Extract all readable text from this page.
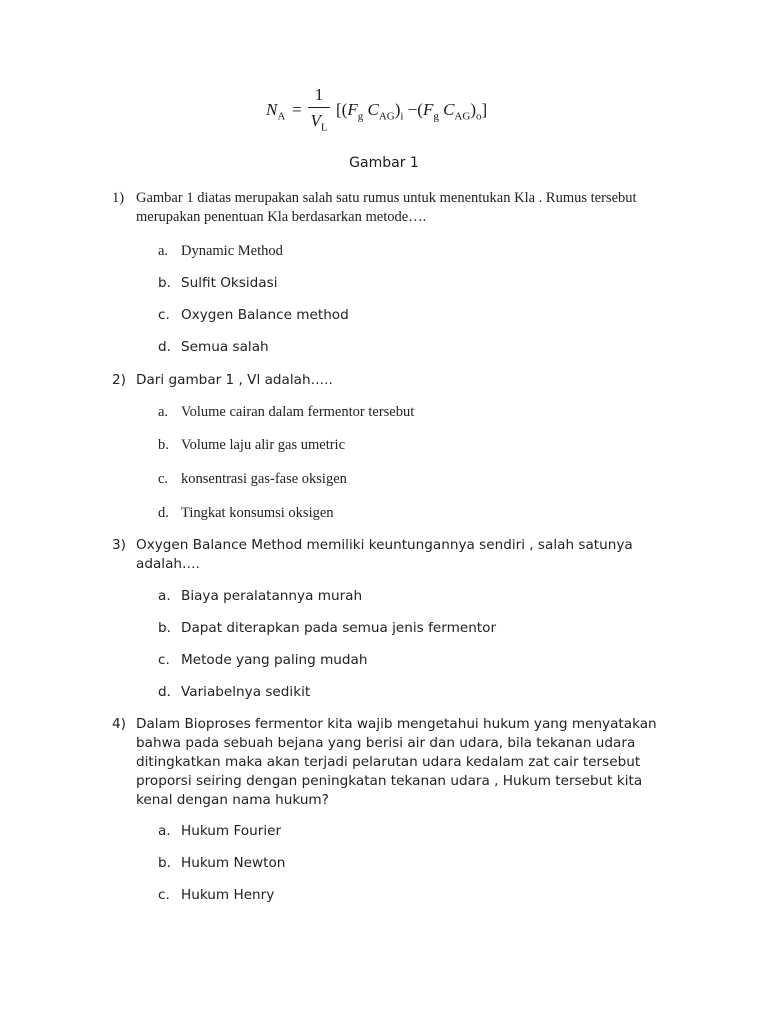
$N_A$ =
1
$V_L$
[($F_g$ $C_{AG})_i -(F_g$ $C_{AG})_o$]
Gambar 1
1) Gambar 1 diatas merupakan salah satu rumus untuk menentukan Kla . Rumus tersebut merupakan penentuan Kla berdasarkan metode….
a. Dynamic Method
b. Sulfit Oksidasi
c. Oxygen Balance method
d. Semua salah
2) Dari gambar 1 , Vl adalah…..
a. Volume cairan dalam fermentor tersebut
b. Volume laju alir gas umetric
c. konsentrasi gas-fase oksigen
d. Tingkat konsumsi oksigen
3) Oxygen Balance Method memiliki keuntungannya sendiri , salah satunya adalah….
a. Biaya peralatannya murah
b. Dapat diterapkan pada semua jenis fermentor
c. Metode yang paling mudah
d. Variabelnya sedikit
4) Dalam Bioproses fermentor kita wajib mengetahui hukum yang menyatakan bahwa pada sebuah bejana yang berisi air dan udara, bila tekanan udara ditingkatkan maka akan terjadi pelarutan udara kedalam zat cair tersebut proporsi seiring dengan peningkatan tekanan udara , Hukum tersebut kita kenal dengan nama hukum?
a. Hukum Fourier
b. Hukum Newton
c. Hukum Henry
